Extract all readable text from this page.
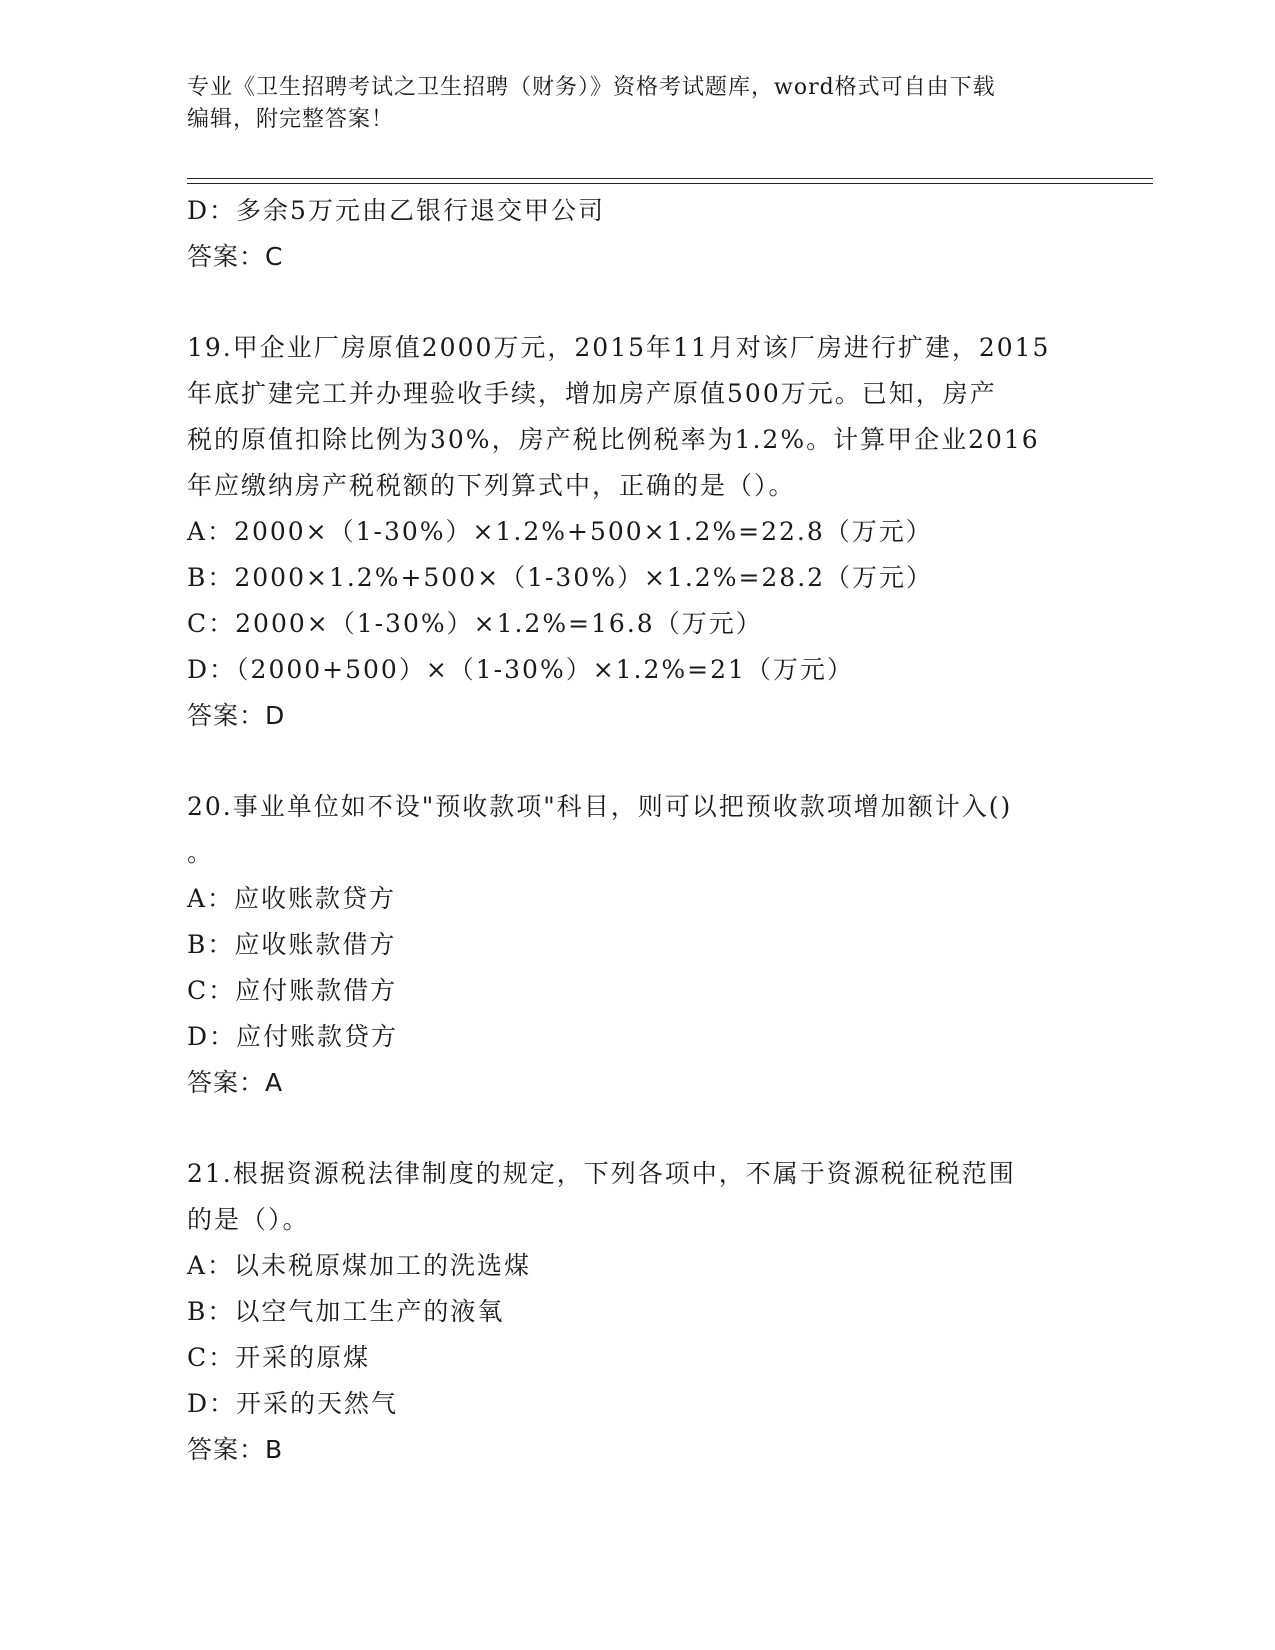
专业《卫生招聘考试之卫生招聘（财务）》资格考试题库，word格式可自由下载
编辑，附完整答案！
D：多余5万元由乙银行退交甲公司
答案：C
19.甲企业厂房原值2000万元，2015年11月对该厂房进行扩建，2015
年底扩建完工并办理验收手续，增加房产原值500万元。已知，房产
税的原值扣除比例为30%，房产税比例税率为1.2%。计算甲企业2016
年应缴纳房产税税额的下列算式中，正确的是（）。
A：2000×（1-30%）×1.2%+500×1.2%=22.8（万元）
B：2000×1.2%+500×（1-30%）×1.2%=28.2（万元）
C：2000×（1-30%）×1.2%=16.8（万元）
D：（2000+500）×（1-30%）×1.2%=21（万元）
答案：D
20.事业单位如不设"预收款项"科目，则可以把预收款项增加额计入()
。
A：应收账款贷方
B：应收账款借方
C：应付账款借方
D：应付账款贷方
答案：A
21.根据资源税法律制度的规定，下列各项中，不属于资源税征税范围
的是（）。
A：以未税原煤加工的洗选煤
B：以空气加工生产的液氧
C：开采的原煤
D：开采的天然气
答案：B
